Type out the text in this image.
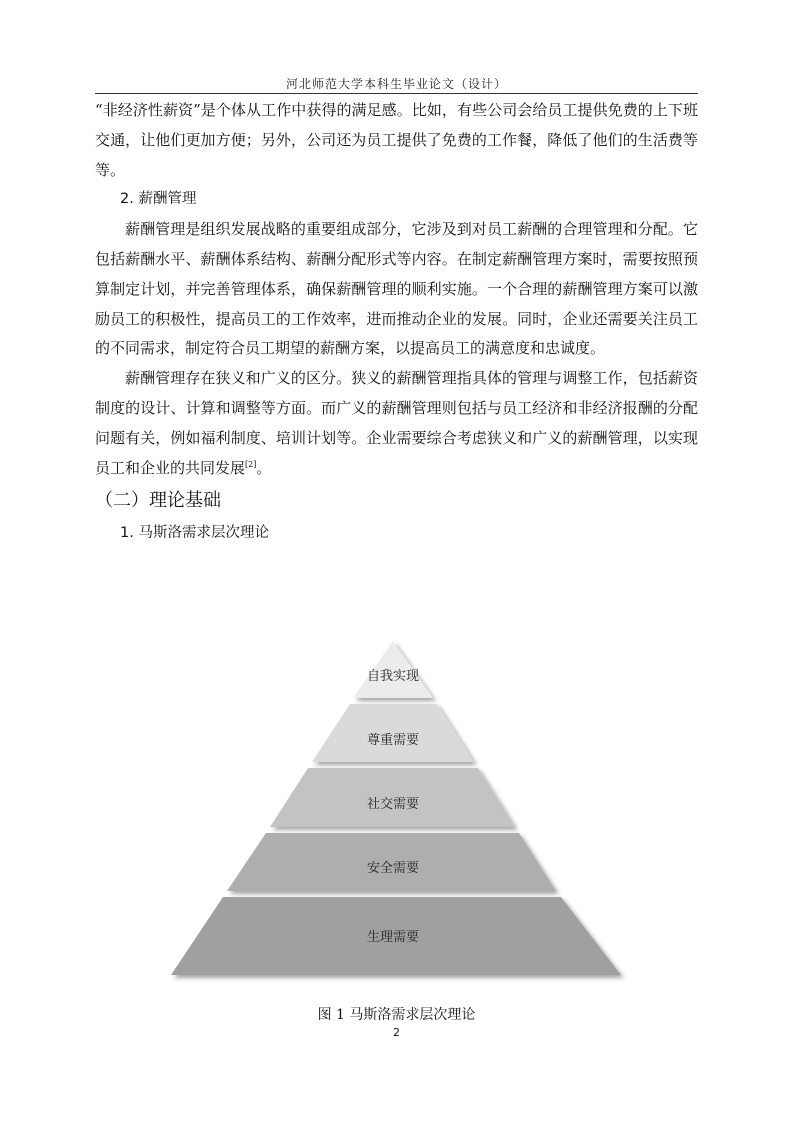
河北师范大学本科生毕业论文（设计）

“非经济性薪资”是个体从工作中获得的满足感。比如，有些公司会给员工提供免费的上下班交通，让他们更加方便；另外，公司还为员工提供了免费的工作餐，降低了他们的生活费等等。

2. 薪酬管理

薪酬管理是组织发展战略的重要组成部分，它涉及到对员工薪酬的合理管理和分配。它包括薪酬水平、薪酬体系结构、薪酬分配形式等内容。在制定薪酬管理方案时，需要按照预算制定计划，并完善管理体系，确保薪酬管理的顺利实施。一个合理的薪酬管理方案可以激励员工的积极性，提高员工的工作效率，进而推动企业的发展。同时，企业还需要关注员工的不同需求，制定符合员工期望的薪酬方案，以提高员工的满意度和忠诚度。

薪酬管理存在狭义和广义的区分。狭义的薪酬管理指具体的管理与调整工作，包括薪资制度的设计、计算和调整等方面。而广义的薪酬管理则包括与员工经济和非经济报酬的分配问题有关，例如福利制度、培训计划等。企业需要综合考虑狭义和广义的薪酬管理，以实现员工和企业的共同发展[2]。

（二）理论基础

1. 马斯洛需求层次理论

自我实现
尊重需要
社交需要
安全需要
生理需要
图 1 马斯洛需求层次理论
2
